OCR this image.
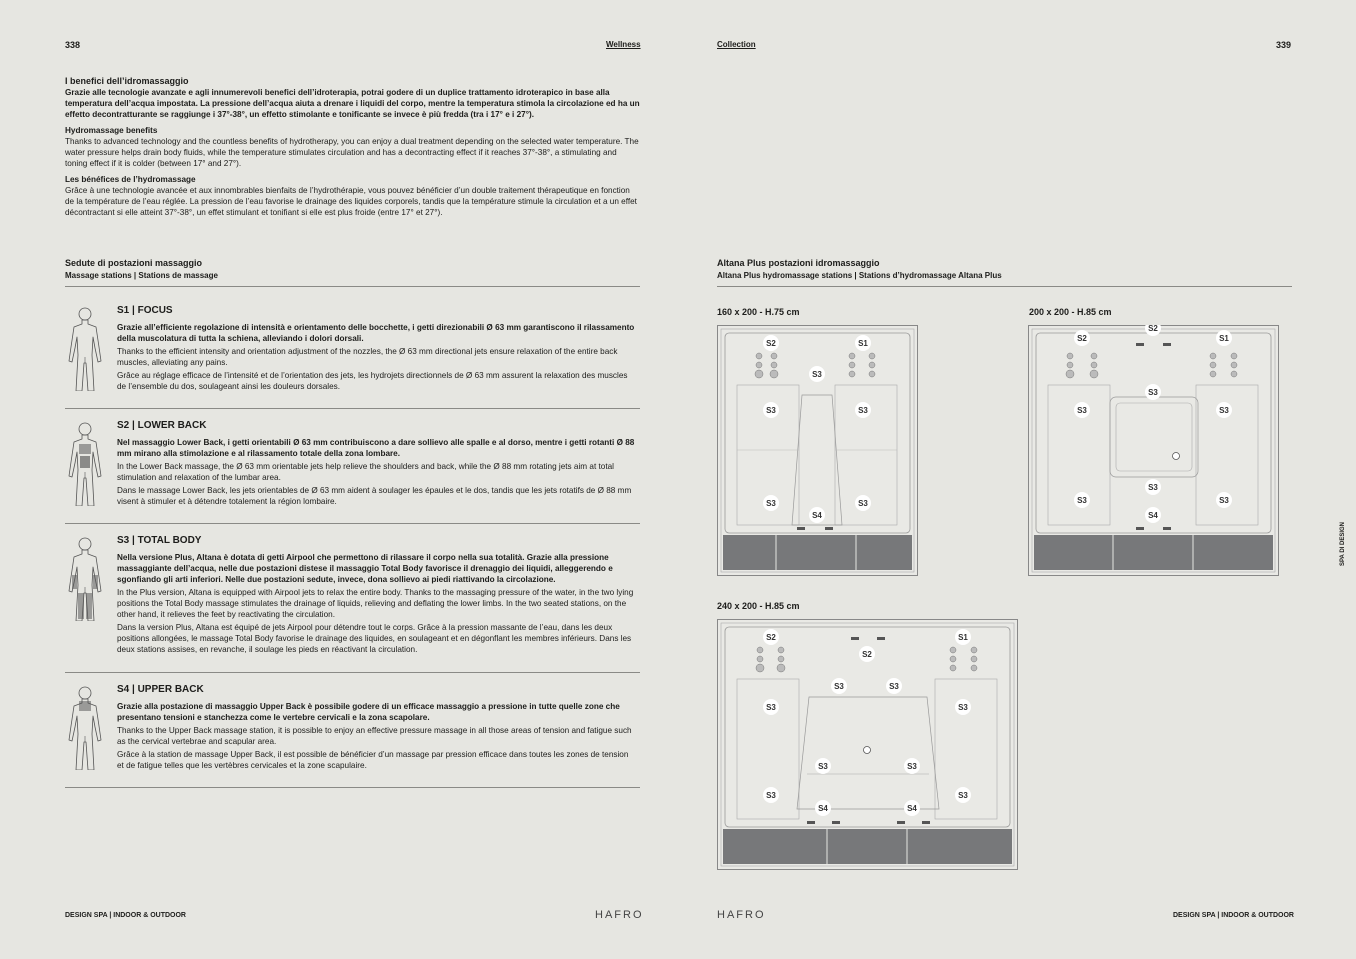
338	Wellness	Collection	339

I benefici dell’idromassaggio

Grazie alle tecnologie avanzate e agli innumerevoli benefici dell’idroterapia, potrai godere di un duplice trattamento idroterapico in base alla temperatura dell’acqua impostata. La pressione dell’acqua aiuta a drenare i liquidi del corpo, mentre la temperatura stimola la circolazione ed ha un effetto decontratturante se raggiunge i 37°-38°, un effetto stimolante e tonificante se invece è più fredda (tra i 17° e i 27°).

Hydromassage benefits

Thanks to advanced technology and the countless benefits of hydrotherapy, you can enjoy a dual treatment depending on the selected water temperature. The water pressure helps drain body fluids, while the temperature stimulates circulation and has a decontracting effect if it reaches 37°-38°, a stimulating and toning effect if it is colder (between 17° and 27°).

Les bénéfices de l’hydromassage

Grâce à une technologie avancée et aux innombrables bienfaits de l’hydrothérapie, vous pouvez bénéficier d’un double traitement thérapeutique en fonction de la température de l’eau réglée. La pression de l’eau favorise le drainage des liquides corporels, tandis que la température stimule la circulation et a un effet décontractant si elle atteint 37°-38°, un effet stimulant et tonifiant si elle est plus froide (entre 17° et 27°).

Sedute di postazioni massaggio
Massage stations | Stations de massage

S1 | FOCUS

Grazie all’efficiente regolazione di intensità e orientamento delle bocchette, i getti direzionabili Ø 63 mm garantiscono il rilassamento della muscolatura di tutta la schiena, alleviando i dolori dorsali.

Thanks to the efficient intensity and orientation adjustment of the nozzles, the Ø 63 mm directional jets ensure relaxation of the entire back muscles, alleviating any pains.

Grâce au réglage efficace de l’intensité et de l’orientation des jets, les hydrojets directionnels de Ø 63 mm assurent la relaxation des muscles de l’ensemble du dos, soulageant ainsi les douleurs dorsales.

S2 | LOWER BACK

Nel massaggio Lower Back, i getti orientabili Ø 63 mm contribuiscono a dare sollievo alle spalle e al dorso, mentre i getti rotanti Ø 88 mm mirano alla stimolazione e al rilassamento totale della zona lombare.

In the Lower Back massage, the Ø 63 mm orientable jets help relieve the shoulders and back, while the Ø 88 mm rotating jets aim at total stimulation and relaxation of the lumbar area.

Dans le massage Lower Back, les jets orientables de Ø 63 mm aident à soulager les épaules et le dos, tandis que les jets rotatifs de Ø 88 mm visent à stimuler et à détendre totalement la région lombaire.

S3 | TOTAL BODY

Nella versione Plus, Altana è dotata di getti Airpool che permettono di rilassare il corpo nella sua totalità. Grazie alla pressione massaggiante dell’acqua, nelle due postazioni distese il massaggio Total Body favorisce il drenaggio dei liquidi, alleggerendo e sgonfiando gli arti inferiori. Nelle due postazioni sedute, invece, dona sollievo ai piedi riattivando la circolazione.

In the Plus version, Altana is equipped with Airpool jets to relax the entire body. Thanks to the massaging pressure of the water, in the two lying positions the Total Body massage stimulates the drainage of liquids, relieving and deflating the lower limbs. In the two seated stations, on the other hand, it relieves the feet by reactivating the circulation.

Dans la version Plus, Altana est équipé de jets Airpool pour détendre tout le corps. Grâce à la pression massante de l’eau, dans les deux positions allongées, le massage Total Body favorise le drainage des liquides, en soulageant et en dégonflant les membres inférieurs. Dans les deux stations assises, en revanche, il soulage les pieds en réactivant la circulation.

S4 | UPPER BACK

Grazie alla postazione di massaggio Upper Back è possibile godere di un efficace massaggio a pressione in tutte quelle zone che presentano tensioni e stanchezza come le vertebre cervicali e la zona scapolare.

Thanks to the Upper Back massage station, it is possible to enjoy an effective pressure massage in all those areas of tension and fatigue such as the cervical vertebrae and scapular area.

Grâce à la station de massage Upper Back, il est possible de bénéficier d’un massage par pression efficace dans toutes les zones de tension et de fatigue telles que les vertèbres cervicales et la zone scapulaire.

Altana Plus postazioni idromassaggio
Altana Plus hydromassage stations | Stations d’hydromassage Altana Plus
160 x 200 - H.75 cm
S2	S1
S3
S3	S3
S3	S3
S4
200 x 200 - H.85 cm
S2
S2	S1
S3
S3	S3
S3
S3	S3
S4
240 x 200 - H.85 cm
S2	S1
S2
S3	S3
S3	S3
S3	S3
S3	S3
S4	S4
SPA DI DESIGN
DESIGN SPA | INDOOR & OUTDOOR	HAFRO	HAFRO	DESIGN SPA | INDOOR & OUTDOOR
